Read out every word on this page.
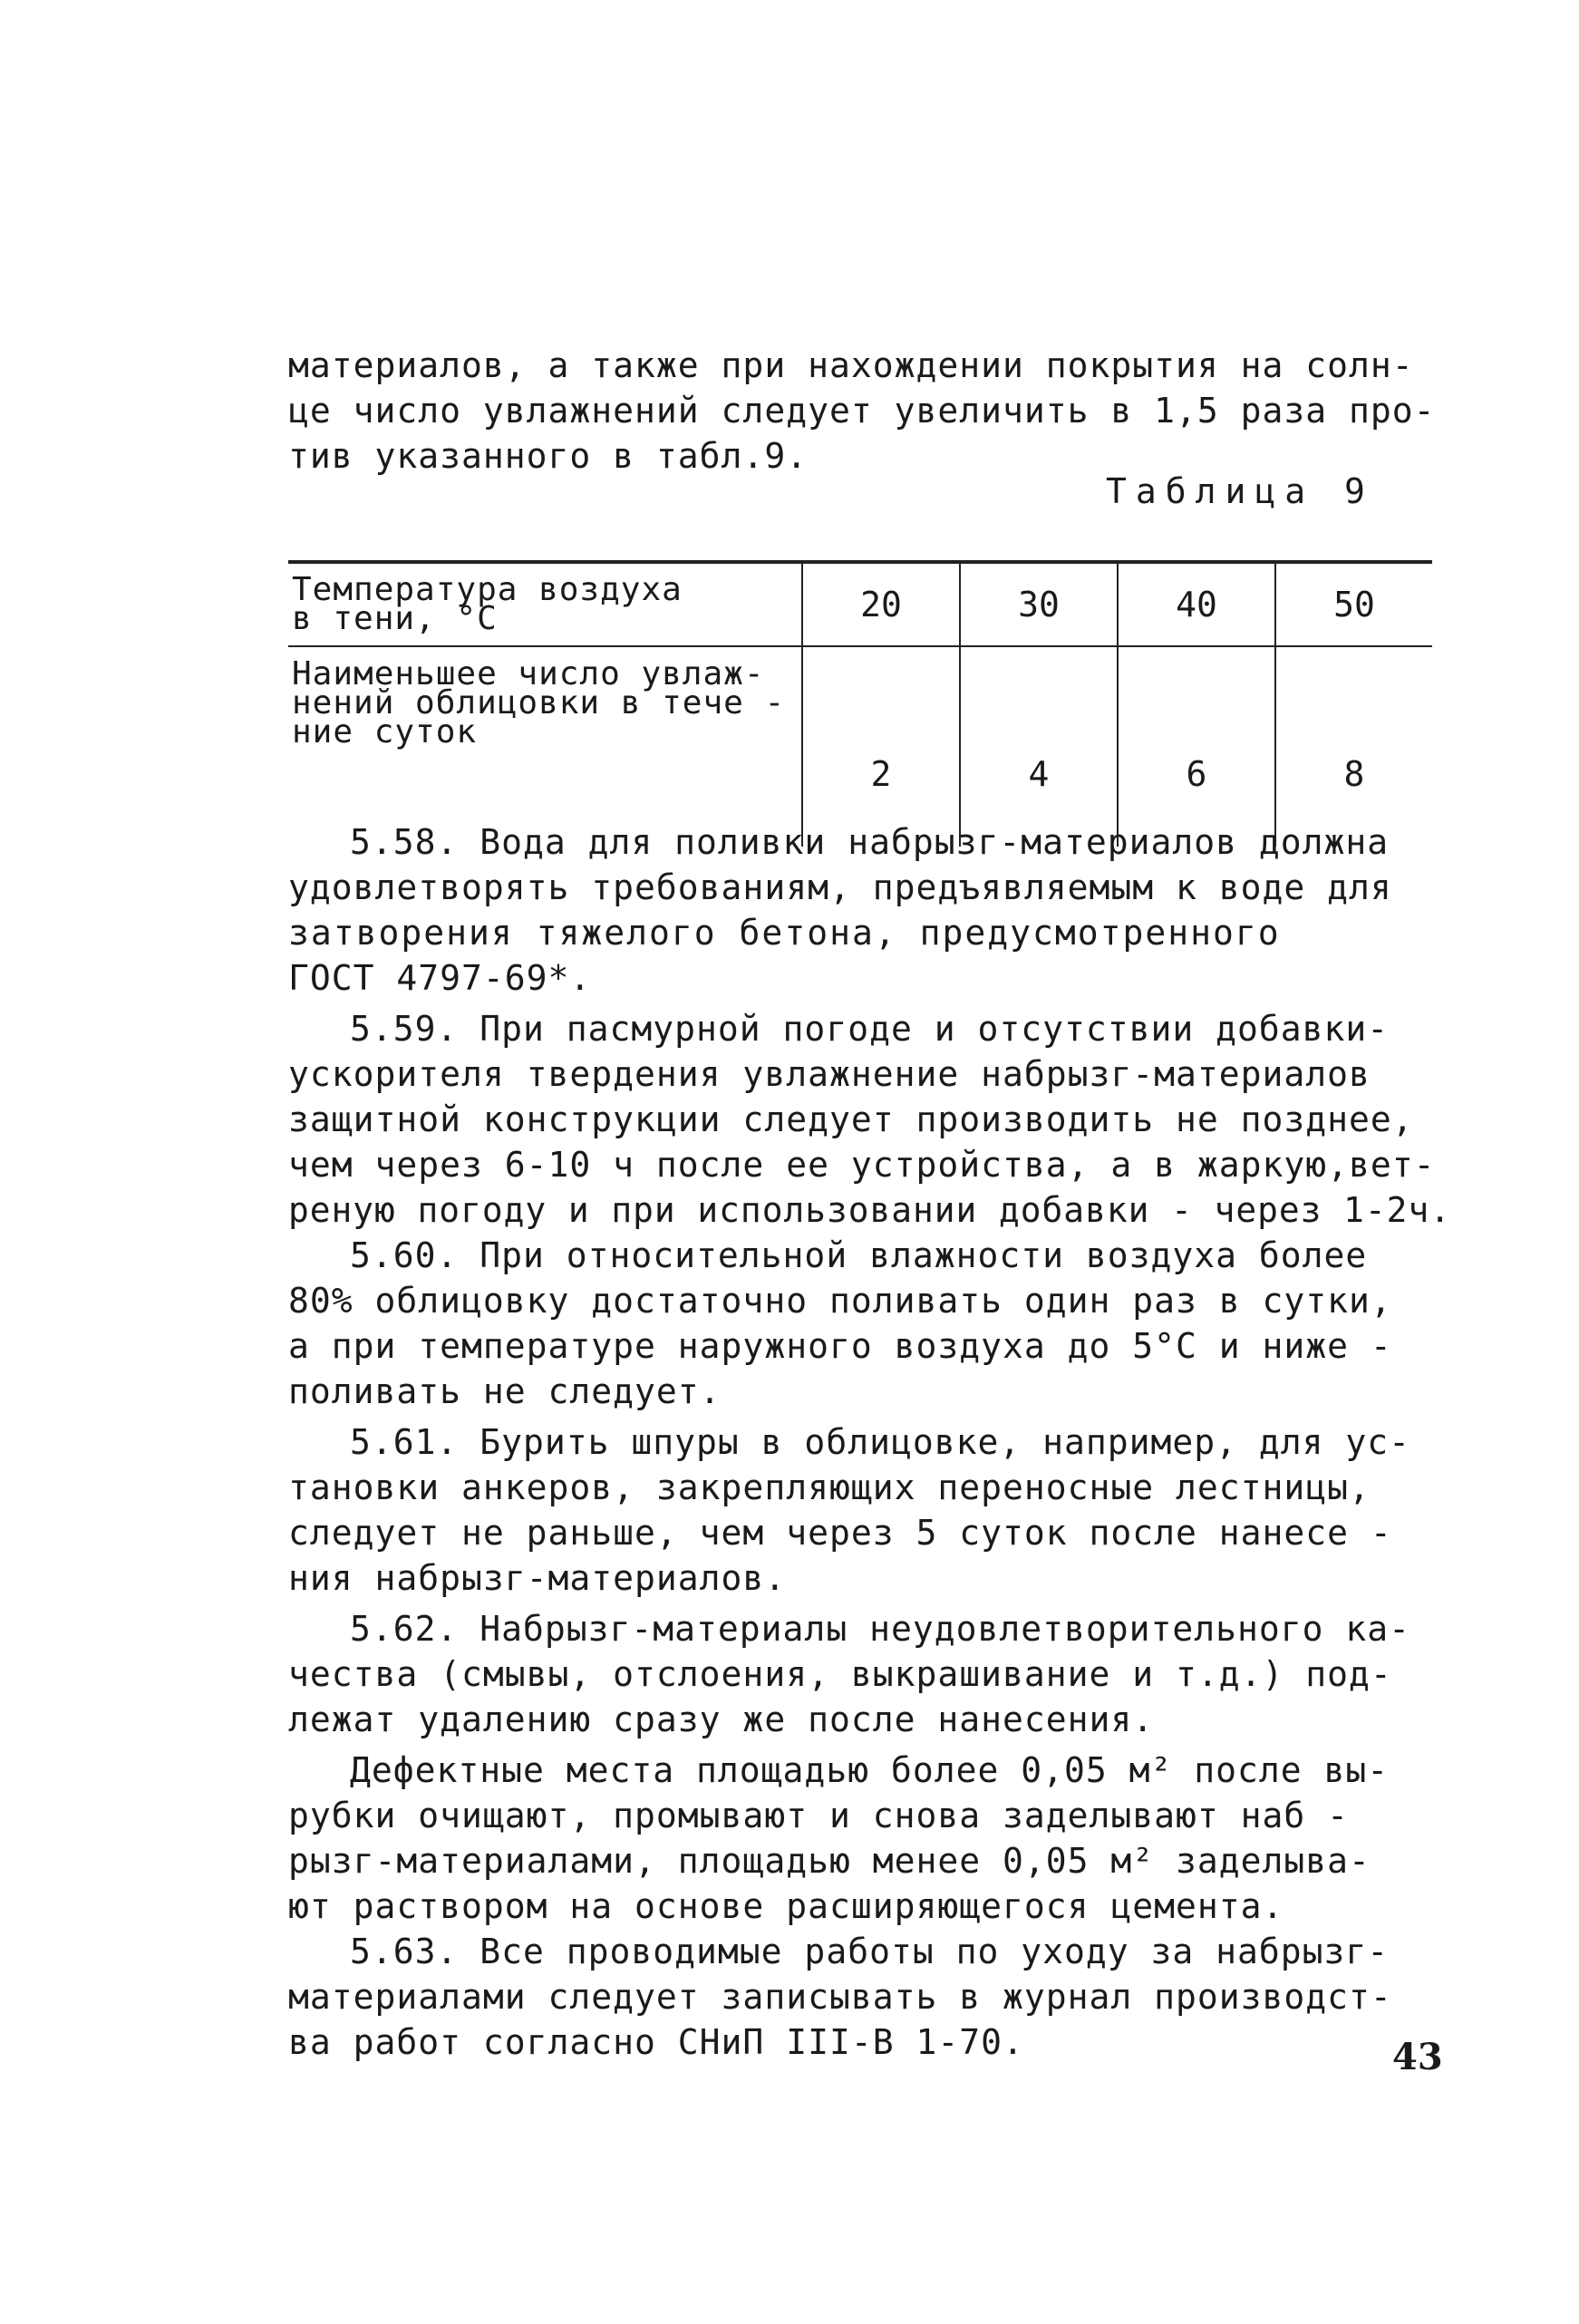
материалов, а также при нахождении покрытия на солн-
це число увлажнений следует увеличить в 1,5 раза про-
тив указанного в табл.9.
Таблица 9
Температура воздуха
в тени, °С	20	30	40	50

Наименьшее число увлаж-
нений облицовки в тече -
ние суток	2	4	6	8
5.58. Вода для поливки набрызг-материалов должна
удовлетворять требованиям, предъявляемым к воде для
затворения тяжелого бетона, предусмотренного
ГОСТ 4797-69*.
5.59. При пасмурной погоде и отсутствии добавки-
ускорителя твердения увлажнение набрызг-материалов
защитной конструкции следует производить не позднее,
чем через 6-10 ч после ее устройства, а в жаркую,вет-
реную погоду и при использовании добавки - через 1-2ч.
5.60. При относительной влажности воздуха более
80% облицовку достаточно поливать один раз в сутки,
а при температуре наружного воздуха до 5°С и ниже -
поливать не следует.
5.61. Бурить шпуры в облицовке, например, для ус-
тановки анкеров, закрепляющих переносные лестницы,
следует не раньше, чем через 5 суток после нанесе -
ния набрызг-материалов.
5.62. Набрызг-материалы неудовлетворительного ка-
чества (смывы, отслоения, выкрашивание и т.д.) под-
лежат удалению сразу же после нанесения.
Дефектные места площадью более 0,05 м² после вы-
рубки очищают, промывают и снова заделывают наб -
рызг-материалами, площадью менее 0,05 м² заделыва-
ют раствором на основе расширяющегося цемента.
5.63. Все проводимые работы по уходу за набрызг-
материалами следует записывать в журнал производст-
ва работ согласно СНиП III-В 1-70.	43
